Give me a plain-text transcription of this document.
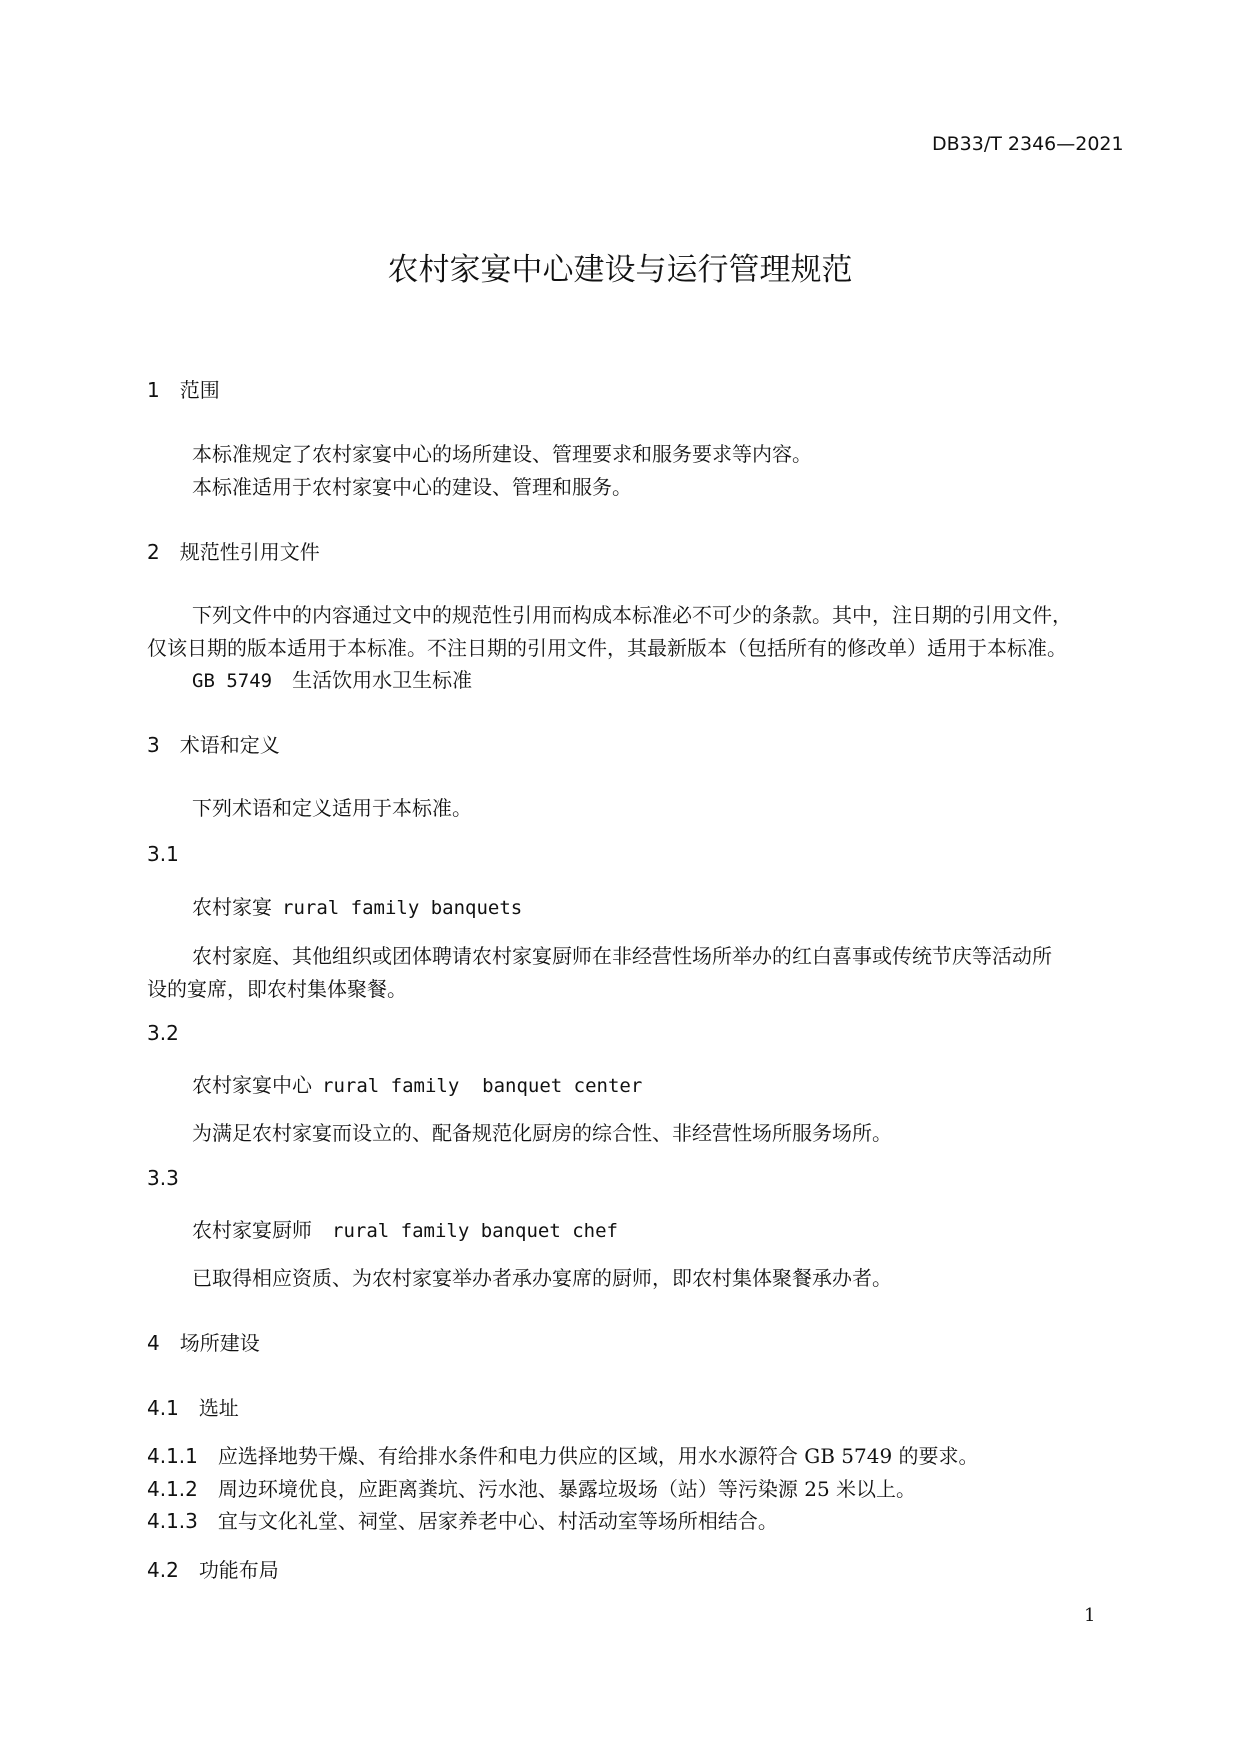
DB33/T 2346—2021
农村家宴中心建设与运行管理规范
1 范围
本标准规定了农村家宴中心的场所建设、管理要求和服务要求等内容。
本标准适用于农村家宴中心的建设、管理和服务。
2 规范性引用文件
下列文件中的内容通过文中的规范性引用而构成本标准必不可少的条款。其中，注日期的引用文件，
仅该日期的版本适用于本标准。不注日期的引用文件，其最新版本（包括所有的修改单）适用于本标准。
GB 5749 生活饮用水卫生标准
3 术语和定义
下列术语和定义适用于本标准。
3.1
农村家宴 rural family banquets
农村家庭、其他组织或团体聘请农村家宴厨师在非经营性场所举办的红白喜事或传统节庆等活动所
设的宴席，即农村集体聚餐。
3.2
农村家宴中心 rural family  banquet center
为满足农村家宴而设立的、配备规范化厨房的综合性、非经营性场所服务场所。
3.3
农村家宴厨师 rural family banquet chef
已取得相应资质、为农村家宴举办者承办宴席的厨师，即农村集体聚餐承办者。
4 场所建设
4.1 选址
4.1.1 应选择地势干燥、有给排水条件和电力供应的区域，用水水源符合 GB 5749 的要求。
4.1.2 周边环境优良，应距离粪坑、污水池、暴露垃圾场（站）等污染源 25 米以上。
4.1.3 宜与文化礼堂、祠堂、居家养老中心、村活动室等场所相结合。
4.2 功能布局
1
